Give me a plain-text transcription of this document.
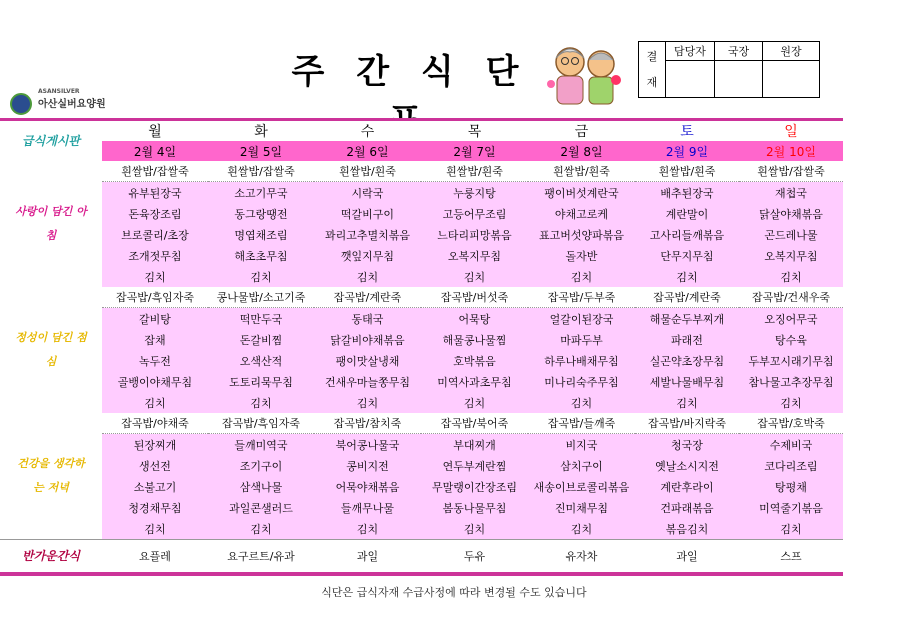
ASANSILVER
아산실버요양원
주 간 식 단	결
재	담당자	국장	원장

급식게시판	월	화	수	목	금	토	일
	2월 4일	2월 5일	2월 6일	2월 7일	2월 8일	2월 9일	2월 10일
사랑이 담긴 아침	흰쌀밥/잡쌀죽	흰쌀밥/잡쌀죽	흰쌀밥/흰죽	흰쌀밥/흰죽	흰쌀밥/흰죽	흰쌀밥/흰죽	흰쌀밥/잡쌀죽
	유부된장국	소고기무국	시락국	누룽지탕	팽이버섯계란국	배추된장국	재첩국
	돈육장조림	동그랑땡전	떡갈비구이	고등어무조림	야채고로케	계란말이	닭살야채볶음
	브로콜리/초장	명엽채조림	꽈리고추멸치볶음	느타리피망볶음	표고버섯양파볶음	고사리들깨볶음	곤드레나물
	조개젓무침	해초초무침	깻잎지무침	오복지무침	돌자반	단무지무침	오복지무침
	김치	김치	김치	김치	김치	김치	김치
정성이 담긴 점심	잡곡밥/흑임자죽	콩나물밥/소고기죽	잡곡밥/계란죽	잡곡밥/버섯죽	잡곡밥/두부죽	잡곡밥/계란죽	잡곡밥/건새우죽
	갈비탕	떡만두국	동태국	어묵탕	얼갈이된장국	해물순두부찌개	오징어무국
	잡채	돈갈비찜	닭갈비야채볶음	해물콩나물찜	마파두부	파래전	탕수육
	녹두전	오색산적	팽이맛살냉채	호박볶음	하루나배채무침	실곤약초장무침	두부꼬시래기무침
	골뱅이야채무침	도토리묵무침	건새우마늘쫑무침	미역사과초무침	미나리숙주무침	세발나물배무침	참나물고추장무침
	김치	김치	김치	김치	김치	김치	김치
건강을 생각하는 저녁	잡곡밥/야채죽	잡곡밥/흑임자죽	잡곡밥/참치죽	잡곡밥/북어죽	잡곡밥/들깨죽	잡곡밥/바지락죽	잡곡밥/호박죽
	된장찌개	들깨미역국	북어콩나물국	부대찌개	비지국	청국장	수제비국
	생선전	조기구이	콩비지전	연두부계란찜	삼치구이	옛날소시지전	코다리조림
	소불고기	삼색나물	어묵야채볶음	무말랭이간장조림	새송이브로콜리볶음	계란후라이	탕평채
	청경채무침	과일콘샐러드	들깨무나물	봄동나물무침	진미채무침	건파래볶음	미역줄기볶음
	김치	김치	김치	김치	김치	볶음김치	김치
반가운간식	요플레	요구르트/유과	과일	두유	유자차	과일	스프

식단은 급식자재 수급사정에 따라 변경될 수도 있습니다
